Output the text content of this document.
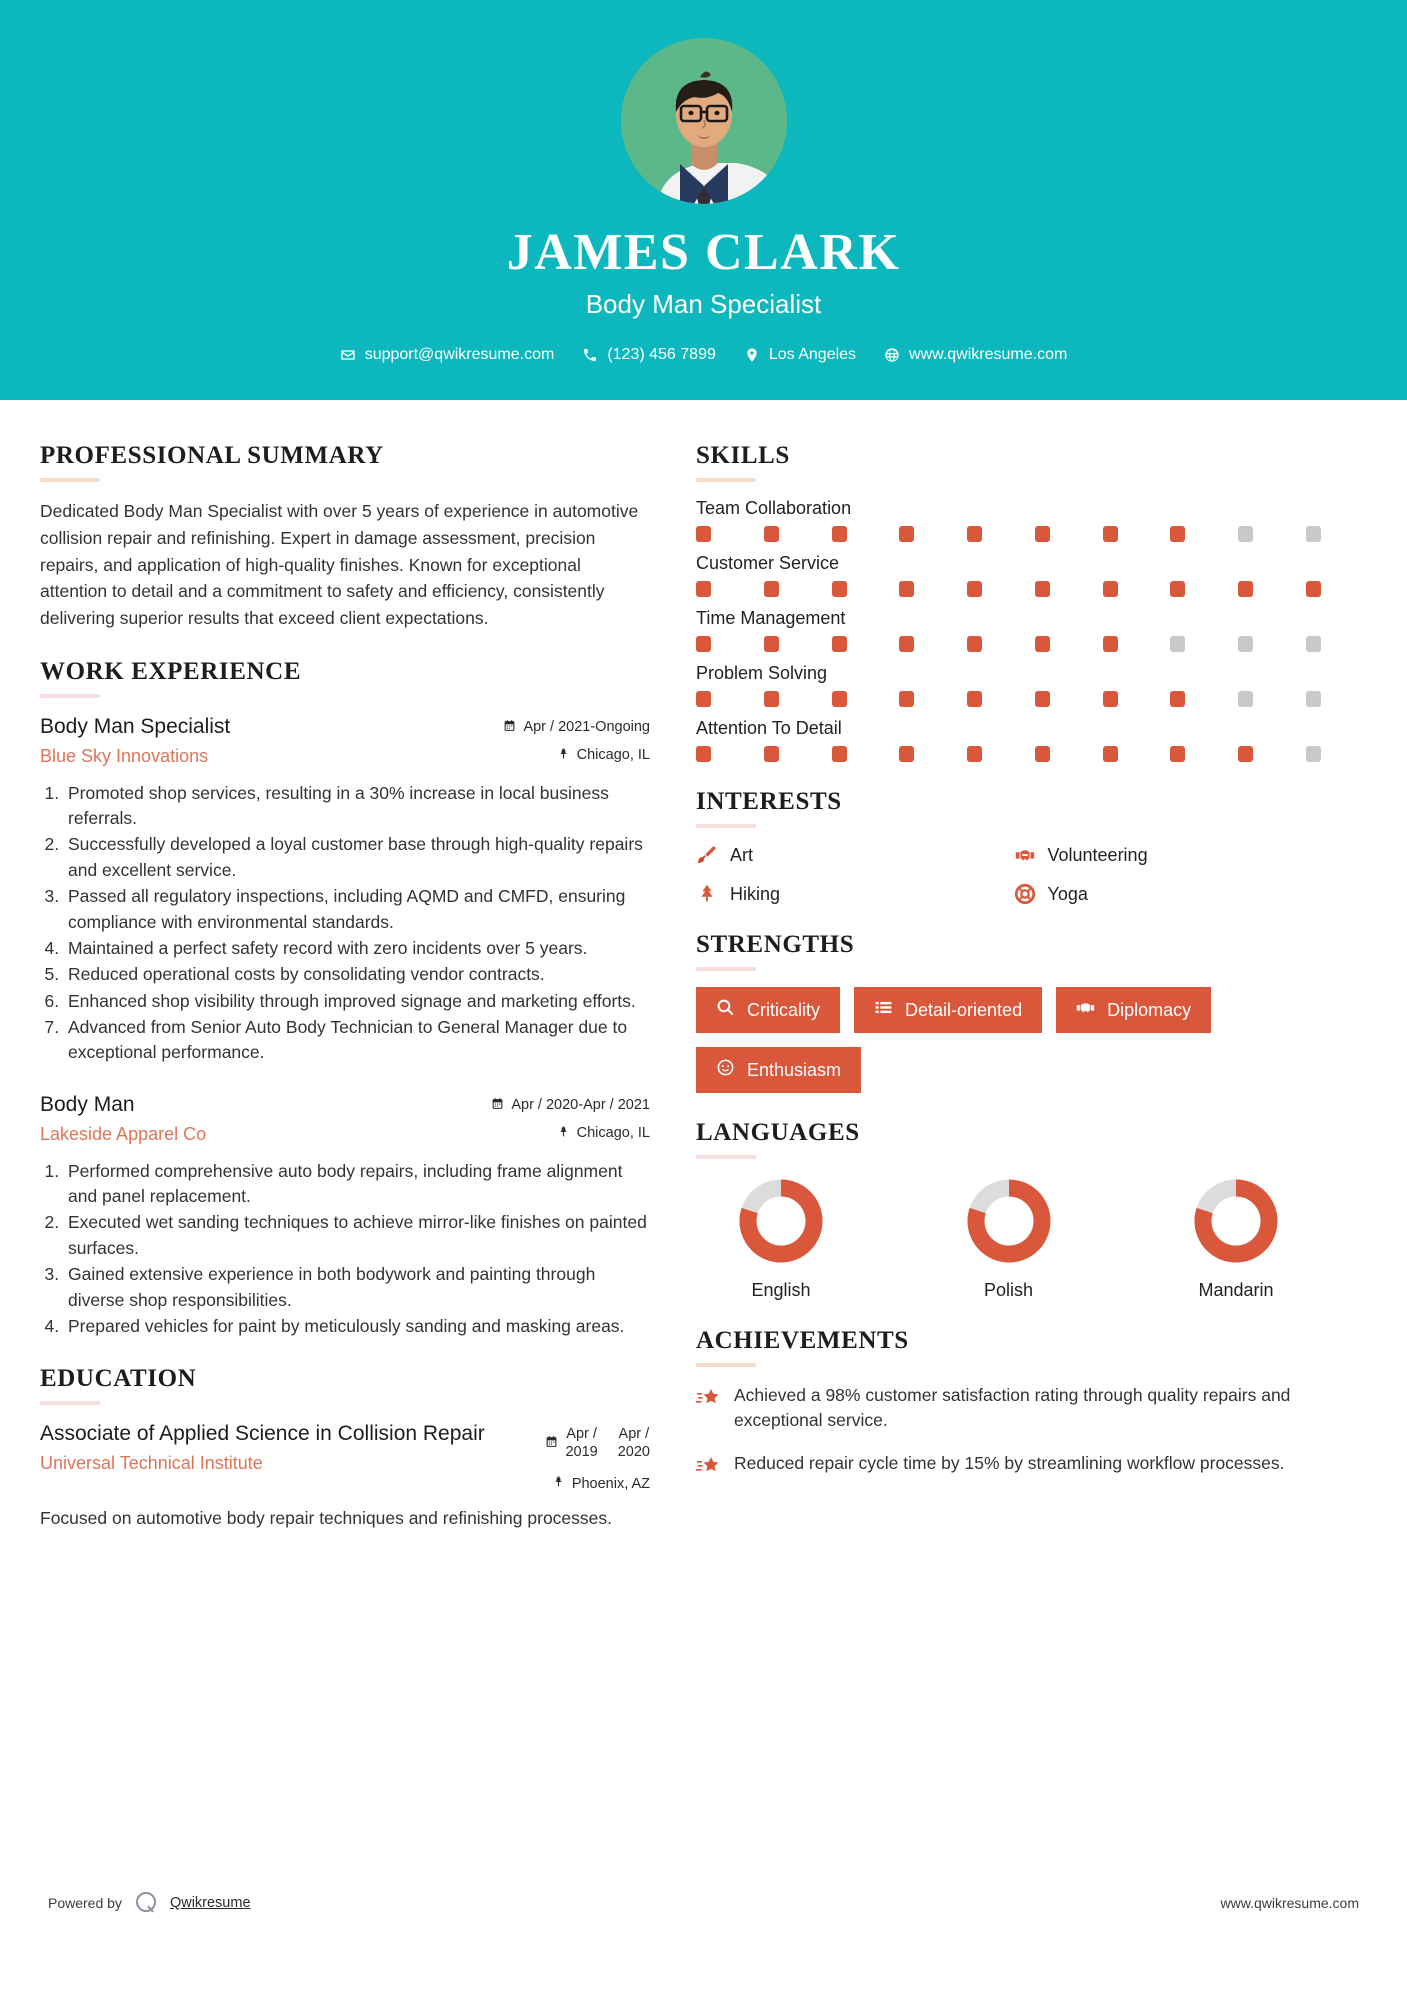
JAMES CLARK
Body Man Specialist
support@qwikresume.com	(123) 456 7899	Los Angeles	www.qwikresume.com
PROFESSIONAL SUMMARY

Dedicated Body Man Specialist with over 5 years of experience in automotive collision repair and refinishing. Expert in damage assessment, precision repairs, and application of high-quality finishes. Known for exceptional attention to detail and a commitment to safety and efficiency, consistently delivering superior results that exceed client expectations.

WORK EXPERIENCE
Body Man Specialist
Blue Sky Innovations
Apr / 2021-Ongoing
Chicago, IL
1. Promoted shop services, resulting in a 30% increase in local business referrals.
2. Successfully developed a loyal customer base through high-quality repairs and excellent service.
3. Passed all regulatory inspections, including AQMD and CMFD, ensuring compliance with environmental standards.
4. Maintained a perfect safety record with zero incidents over 5 years.
5. Reduced operational costs by consolidating vendor contracts.
6. Enhanced shop visibility through improved signage and marketing efforts.
7. Advanced from Senior Auto Body Technician to General Manager due to exceptional performance.
Body Man
Lakeside Apparel Co
Apr / 2020-Apr / 2021
Chicago, IL
1. Performed comprehensive auto body repairs, including frame alignment and panel replacement.
2. Executed wet sanding techniques to achieve mirror-like finishes on painted surfaces.
3. Gained extensive experience in both bodywork and painting through diverse shop responsibilities.
4. Prepared vehicles for paint by meticulously sanding and masking areas.
EDUCATION
Associate of Applied Science in Collision Repair
Universal Technical Institute
Apr /
2019
Apr /
2020
Phoenix, AZ

Focused on automotive body repair techniques and refinishing processes.

SKILLS
Team Collaboration
Customer Service
Time Management
Problem Solving
Attention To Detail
INTERESTS
Art	Volunteering
Hiking	Yoga
STRENGTHS
Criticality	Detail-oriented	Diplomacy
Enthusiasm
LANGUAGES
English	Polish	Mandarin
ACHIEVEMENTS
Achieved a 98% customer satisfaction rating through quality repairs and exceptional service.
Reduced repair cycle time by 15% by streamlining workflow processes.
Powered by	Qwikresume	www.qwikresume.com
